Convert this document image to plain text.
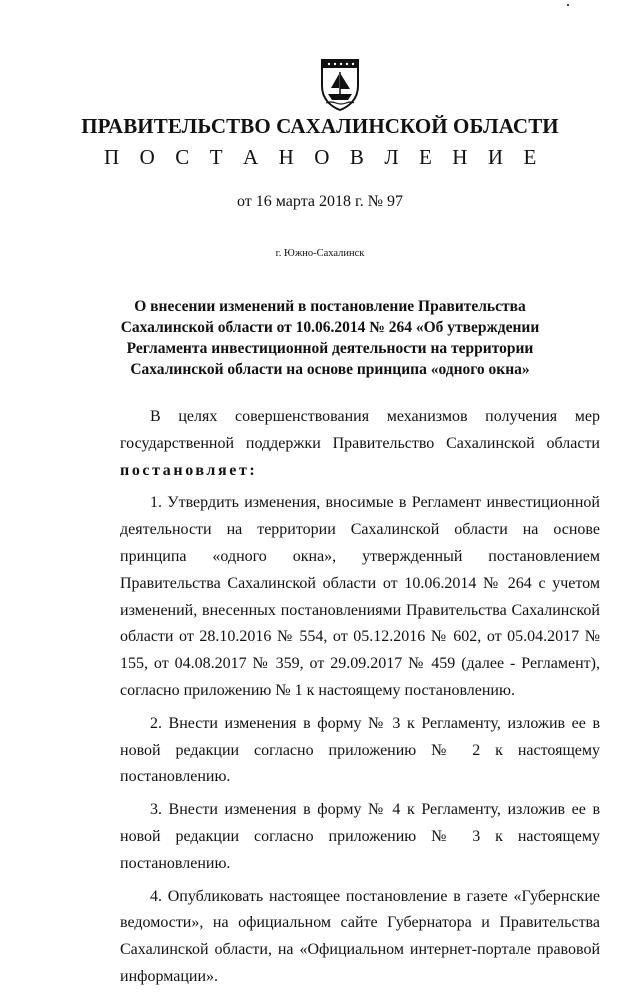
ПРАВИТЕЛЬСТВО САХАЛИНСКОЙ ОБЛАСТИ
П О С Т А Н О В Л Е Н И Е
от 16 марта 2018 г. № 97
г. Южно-Сахалинск
О внесении изменений в постановление Правительства
Сахалинской области от 10.06.2014 № 264 «Об утверждении
Регламента инвестиционной деятельности на территории
Сахалинской области на основе принципа «одного окна»

В целях совершенствования механизмов получения мер государственной поддержки Правительство Сахалинской области постановляет:

1. Утвердить изменения, вносимые в Регламент инвестиционной деятельности на территории Сахалинской области на основе принципа «одного окна», утвержденный постановлением Правительства Сахалинской области от 10.06.2014 № 264 с учетом изменений, внесенных постановлениями Правительства Сахалинской области от 28.10.2016 № 554, от 05.12.2016 № 602, от 05.04.2017 № 155, от 04.08.2017 № 359, от 29.09.2017 № 459 (далее - Регламент), согласно приложению № 1 к настоящему постановлению.

2. Внести изменения в форму № 3 к Регламенту, изложив ее в новой редакции согласно приложению № 2 к настоящему постановлению.

3. Внести изменения в форму № 4 к Регламенту, изложив ее в новой редакции согласно приложению № 3 к настоящему постановлению.

4. Опубликовать настоящее постановление в газете «Губернские ведомости», на официальном сайте Губернатора и Правительства Сахалинской области, на «Официальном интернет-портале правовой информации».
